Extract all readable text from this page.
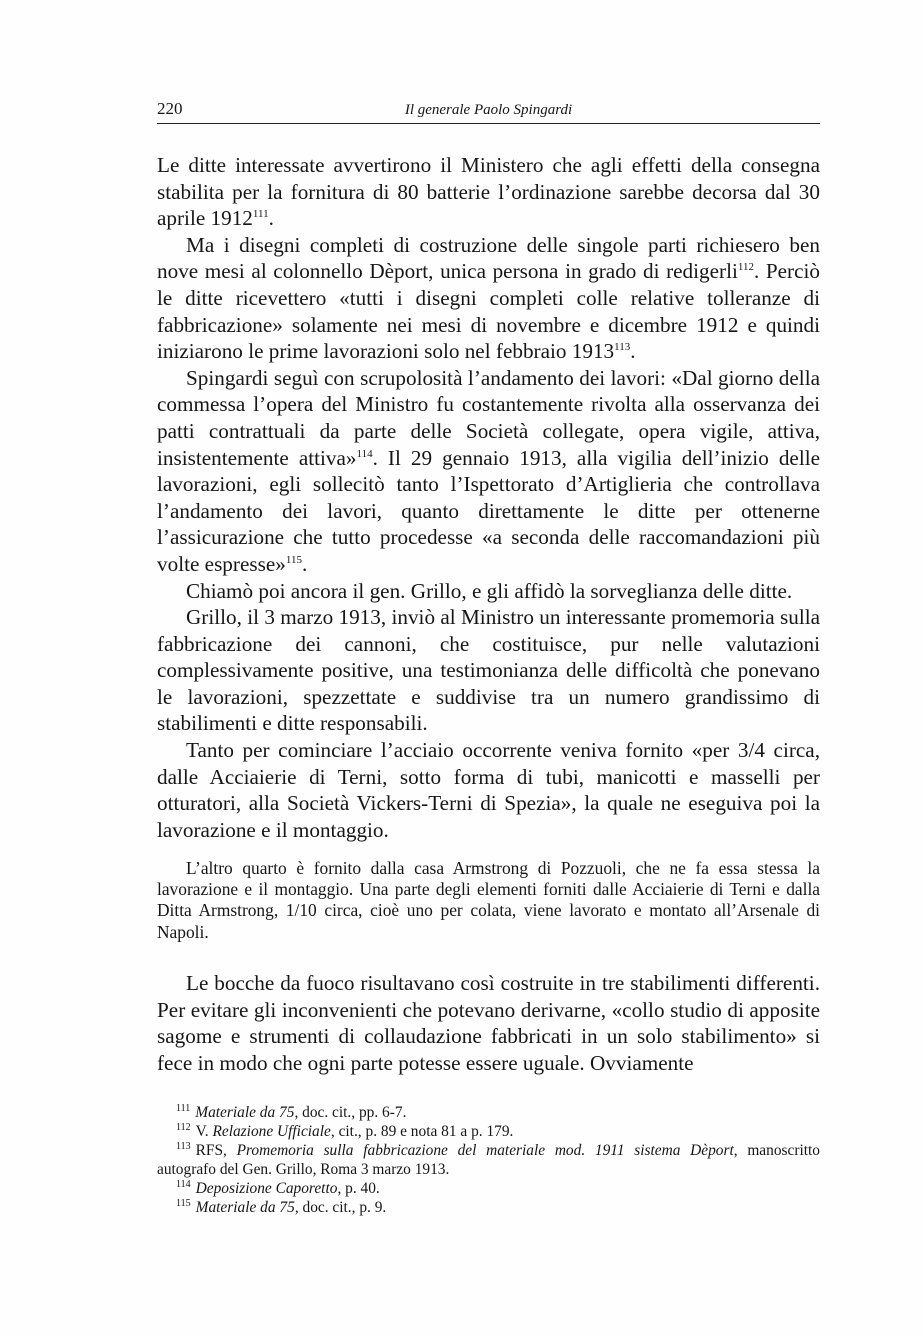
220	Il generale Paolo Spingardi

Le ditte interessate avvertirono il Ministero che agli effetti della consegna stabilita per la fornitura di 80 batterie l’ordinazione sarebbe decorsa dal 30 aprile 1912$^{111}$.

Ma i disegni completi di costruzione delle singole parti richiesero ben nove mesi al colonnello Dèport, unica persona in grado di redigerli$^{112}$. Perciò le ditte ricevettero «tutti i disegni completi colle relative tolleranze di fabbricazione» solamente nei mesi di novembre e dicembre 1912 e quindi iniziarono le prime lavorazioni solo nel febbraio 1913$^{113}$.

Spingardi seguì con scrupolosità l’andamento dei lavori: «Dal giorno della commessa l’opera del Ministro fu costantemente rivolta alla osservanza dei patti contrattuali da parte delle Società collegate, opera vigile, attiva, insistentemente attiva»$^{114}$. Il 29 gennaio 1913, alla vigilia dell’inizio delle lavorazioni, egli sollecitò tanto l’Ispettorato d’Artiglieria che controllava l’andamento dei lavori, quanto direttamente le ditte per ottenerne l’assicurazione che tutto procedesse «a seconda delle raccomandazioni più volte espresse»$^{115}$.

Chiamò poi ancora il gen. Grillo, e gli affidò la sorveglianza delle ditte.

Grillo, il 3 marzo 1913, inviò al Ministro un interessante promemoria sulla fabbricazione dei cannoni, che costituisce, pur nelle valutazioni complessivamente positive, una testimonianza delle difficoltà che ponevano le lavorazioni, spezzettate e suddivise tra un numero grandissimo di stabilimenti e ditte responsabili.

Tanto per cominciare l’acciaio occorrente veniva fornito «per 3/4 circa, dalle Acciaierie di Terni, sotto forma di tubi, manicotti e masselli per otturatori, alla Società Vickers-Terni di Spezia», la quale ne eseguiva poi la lavorazione e il montaggio.

L’altro quarto è fornito dalla casa Armstrong di Pozzuoli, che ne fa essa stessa la lavorazione e il montaggio. Una parte degli elementi forniti dalle Acciaierie di Terni e dalla Ditta Armstrong, 1/10 circa, cioè uno per colata, viene lavorato e montato all’Arsenale di Napoli.

Le bocche da fuoco risultavano così costruite in tre stabilimenti differenti. Per evitare gli inconvenienti che potevano derivarne, «collo studio di apposite sagome e strumenti di collaudazione fabbricati in un solo stabilimento» si fece in modo che ogni parte potesse essere uguale. Ovviamente

$^{111}$ Materiale da 75, doc. cit., pp. 6-7.

$^{112}$ V. Relazione Ufficiale, cit., p. 89 e nota 81 a p. 179.

$^{113}$ RFS, Promemoria sulla fabbricazione del materiale mod. 1911 sistema Dèport, manoscritto autografo del Gen. Grillo, Roma 3 marzo 1913.

$^{114}$ Deposizione Caporetto, p. 40.

$^{115}$ Materiale da 75, doc. cit., p. 9.
